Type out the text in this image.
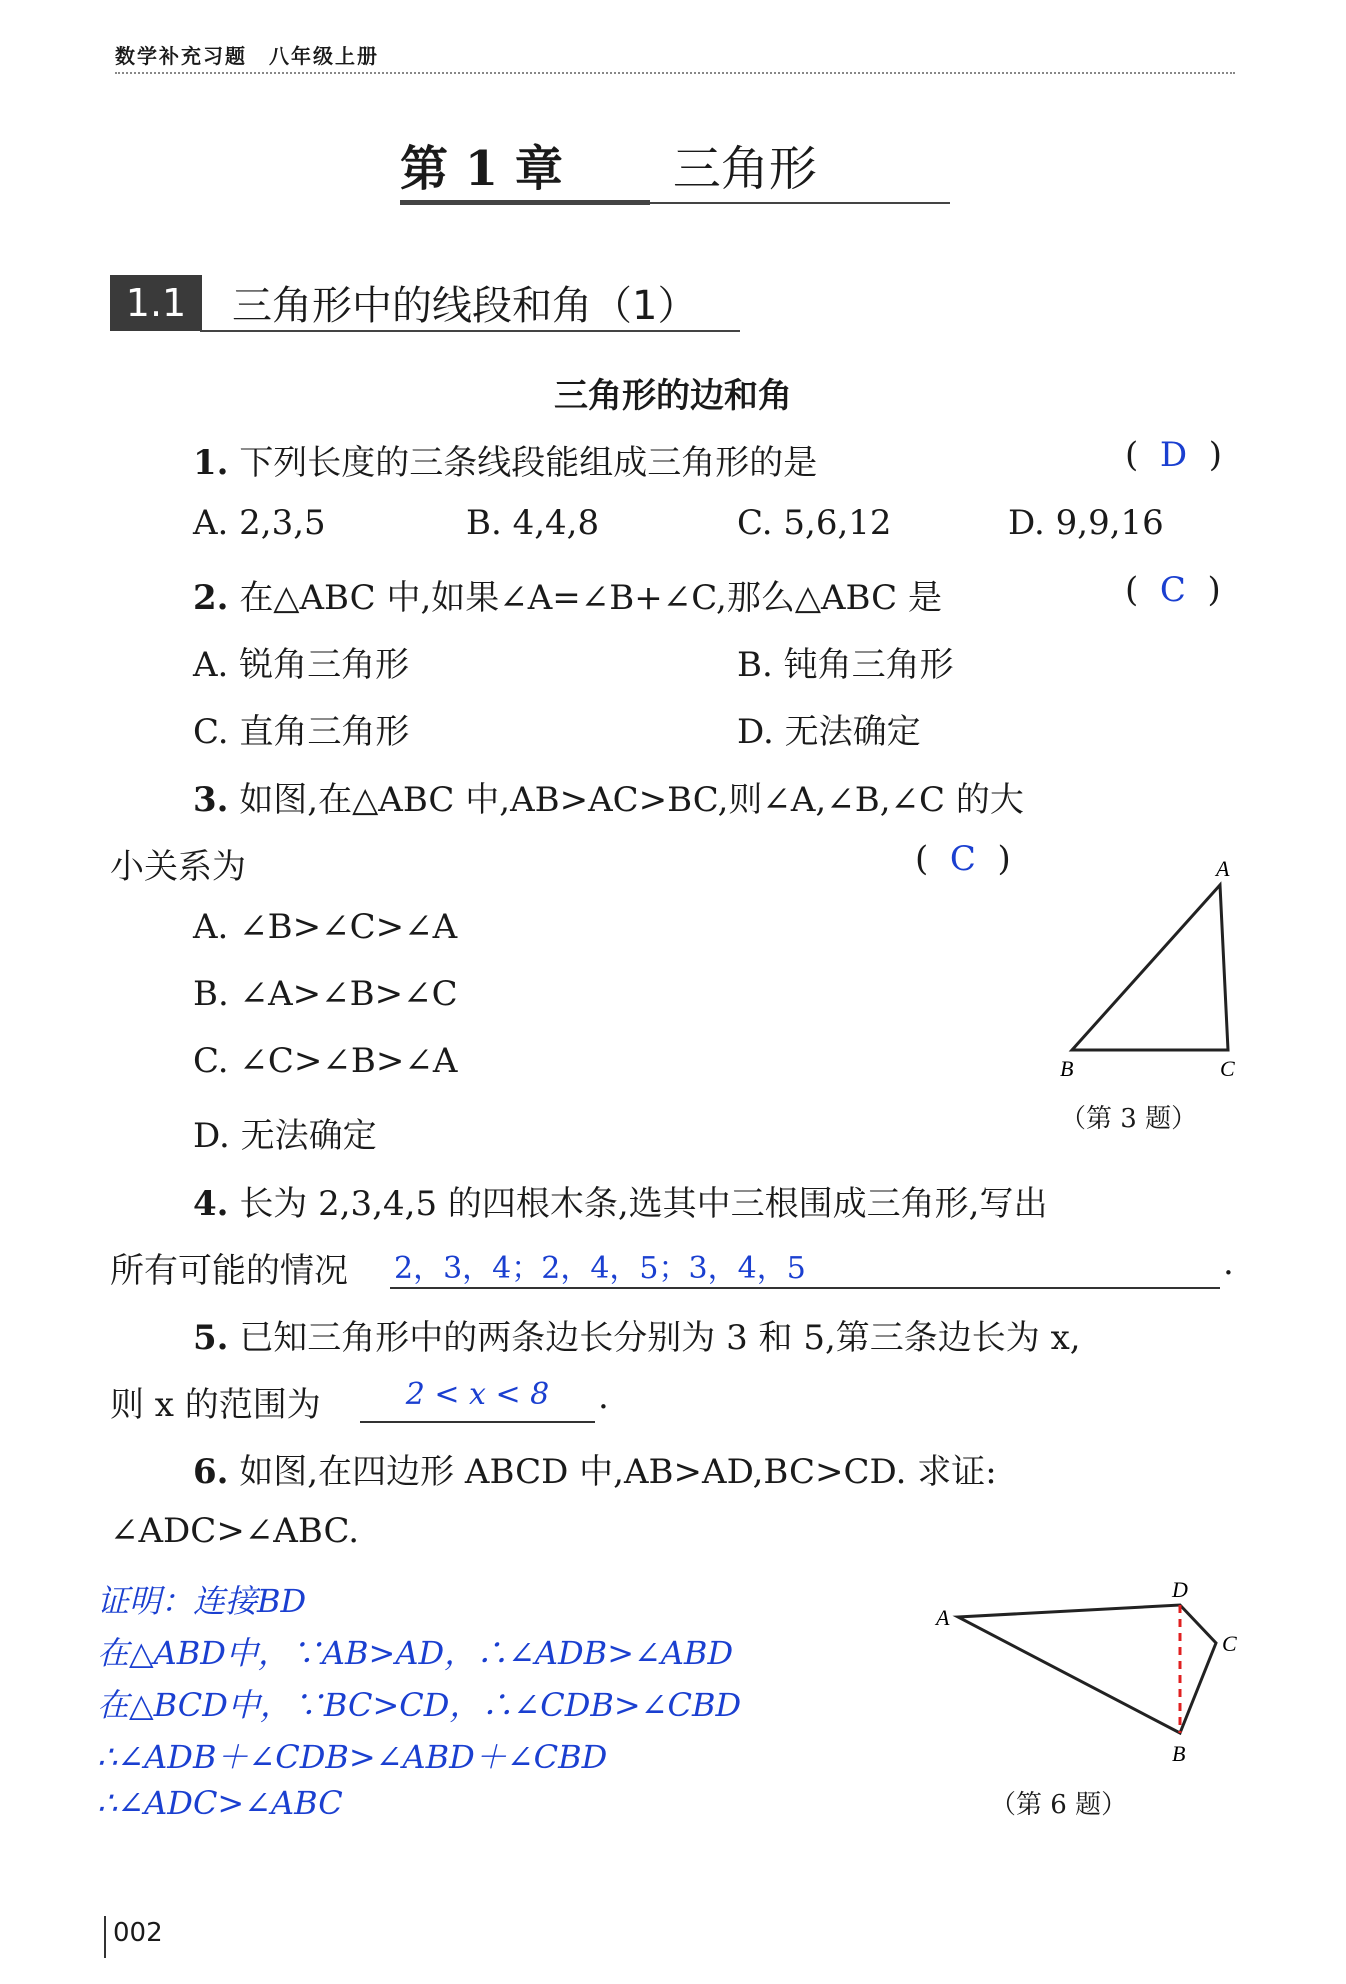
数学补充习题　八年级上册
第 1 章 三角形
1.1	三角形中的线段和角（1）
三角形的边和角
1. 下列长度的三条线段能组成三角形的是	(  D  )
A. 2,3,5	B. 4,4,8	C. 5,6,12	D. 9,9,16
2. 在△ABC 中,如果∠A=∠B+∠C,那么△ABC 是	(  C  )
A. 锐角三角形	B. 钝角三角形
C. 直角三角形	D. 无法确定
3. 如图,在△ABC 中,AB>AC>BC,则∠A,∠B,∠C 的大
小关系为	(  C  )
A. ∠B>∠C>∠A
B. ∠A>∠B>∠C
C. ∠C>∠B>∠A
D. 无法确定
A
B	C
（第 3 题）
4. 长为 2,3,4,5 的四根木条,选其中三根围成三角形,写出
所有可能的情况 2，3，4；2，4，5；3，4，5	.
5. 已知三角形中的两条边长分别为 3 和 5,第三条边长为 x,
则 x 的范围为	2 < x < 8	.
6. 如图,在四边形 ABCD 中,AB>AD,BC>CD. 求证:
∠ADC>∠ABC.
证明：连接BD
在△ABD中，∵AB>AD，∴∠ADB>∠ABD
在△BCD中，∵BC>CD，∴∠CDB>∠CBD
∴∠ADB＋∠CDB>∠ABD＋∠CBD
∴∠ADC>∠ABC
A
D
C
B
（第 6 题）
002
